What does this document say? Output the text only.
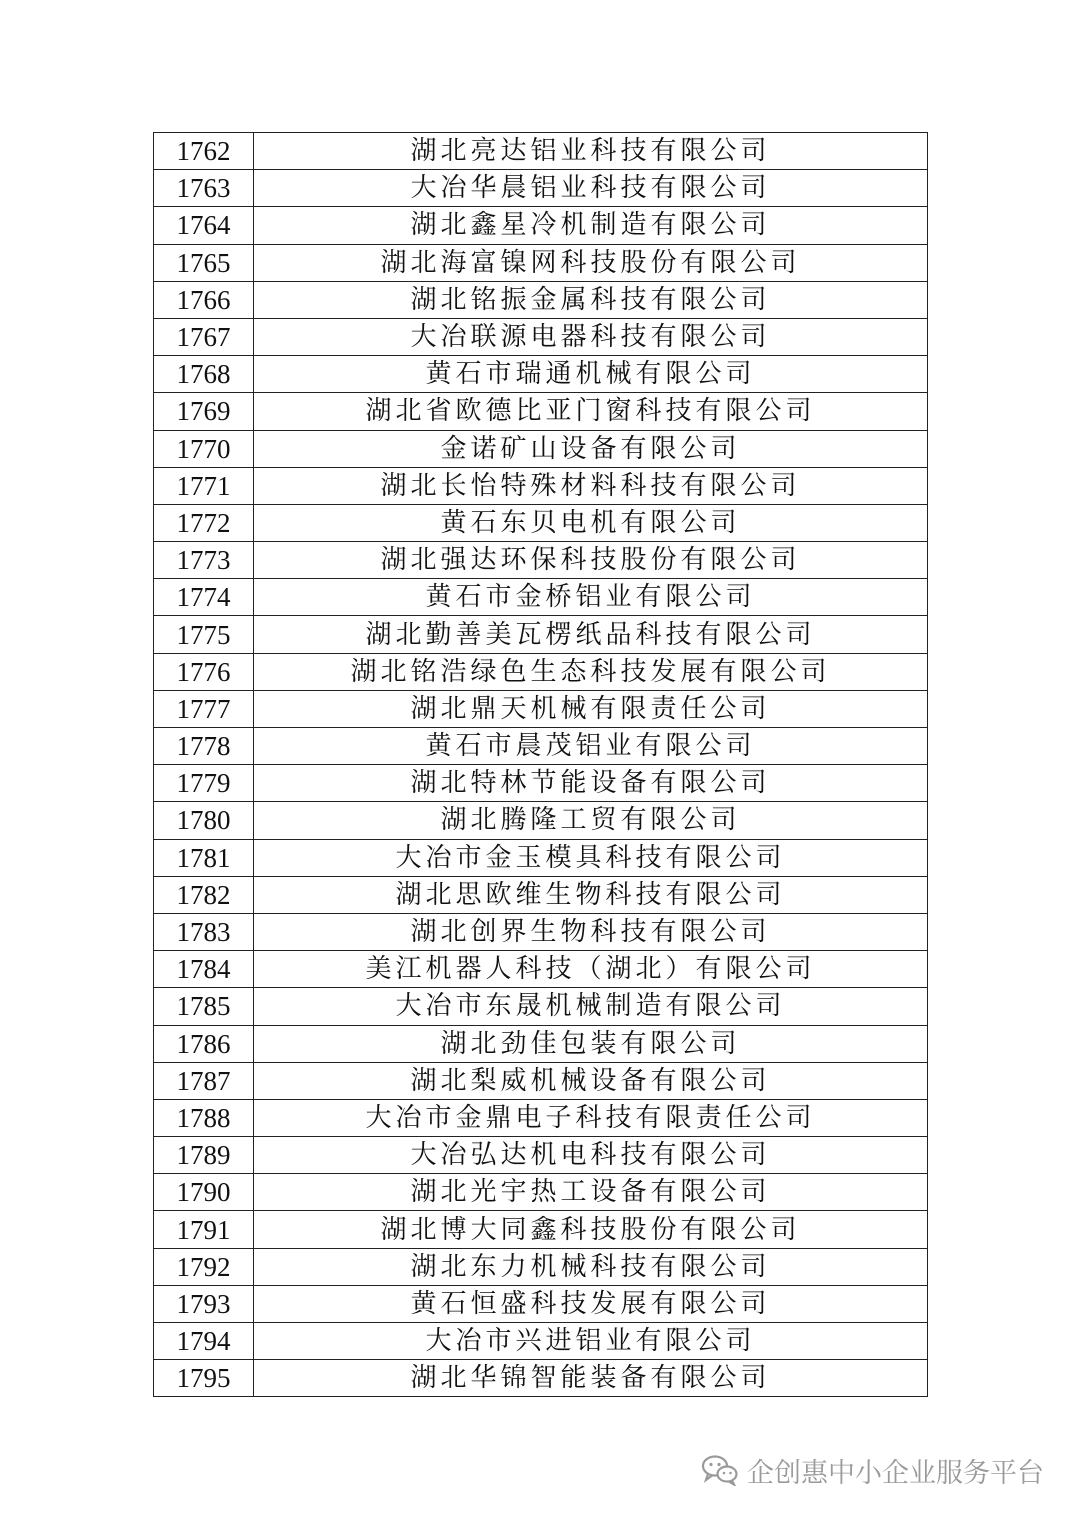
1762	湖北亮达铝业科技有限公司
1763	大冶华晨铝业科技有限公司
1764	湖北鑫星冷机制造有限公司
1765	湖北海富镍网科技股份有限公司
1766	湖北铭振金属科技有限公司
1767	大冶联源电器科技有限公司
1768	黄石市瑞通机械有限公司
1769	湖北省欧德比亚门窗科技有限公司
1770	金诺矿山设备有限公司
1771	湖北长怡特殊材料科技有限公司
1772	黄石东贝电机有限公司
1773	湖北强达环保科技股份有限公司
1774	黄石市金桥铝业有限公司
1775	湖北勤善美瓦楞纸品科技有限公司
1776	湖北铭浩绿色生态科技发展有限公司
1777	湖北鼎天机械有限责任公司
1778	黄石市晨茂铝业有限公司
1779	湖北特林节能设备有限公司
1780	湖北腾隆工贸有限公司
1781	大冶市金玉模具科技有限公司
1782	湖北思欧维生物科技有限公司
1783	湖北创界生物科技有限公司
1784	美江机器人科技（湖北）有限公司
1785	大冶市东晟机械制造有限公司
1786	湖北劲佳包装有限公司
1787	湖北梨威机械设备有限公司
1788	大冶市金鼎电子科技有限责任公司
1789	大冶弘达机电科技有限公司
1790	湖北光宇热工设备有限公司
1791	湖北博大同鑫科技股份有限公司
1792	湖北东力机械科技有限公司
1793	黄石恒盛科技发展有限公司
1794	大冶市兴进铝业有限公司
1795	湖北华锦智能装备有限公司
企创惠中小企业服务平台
